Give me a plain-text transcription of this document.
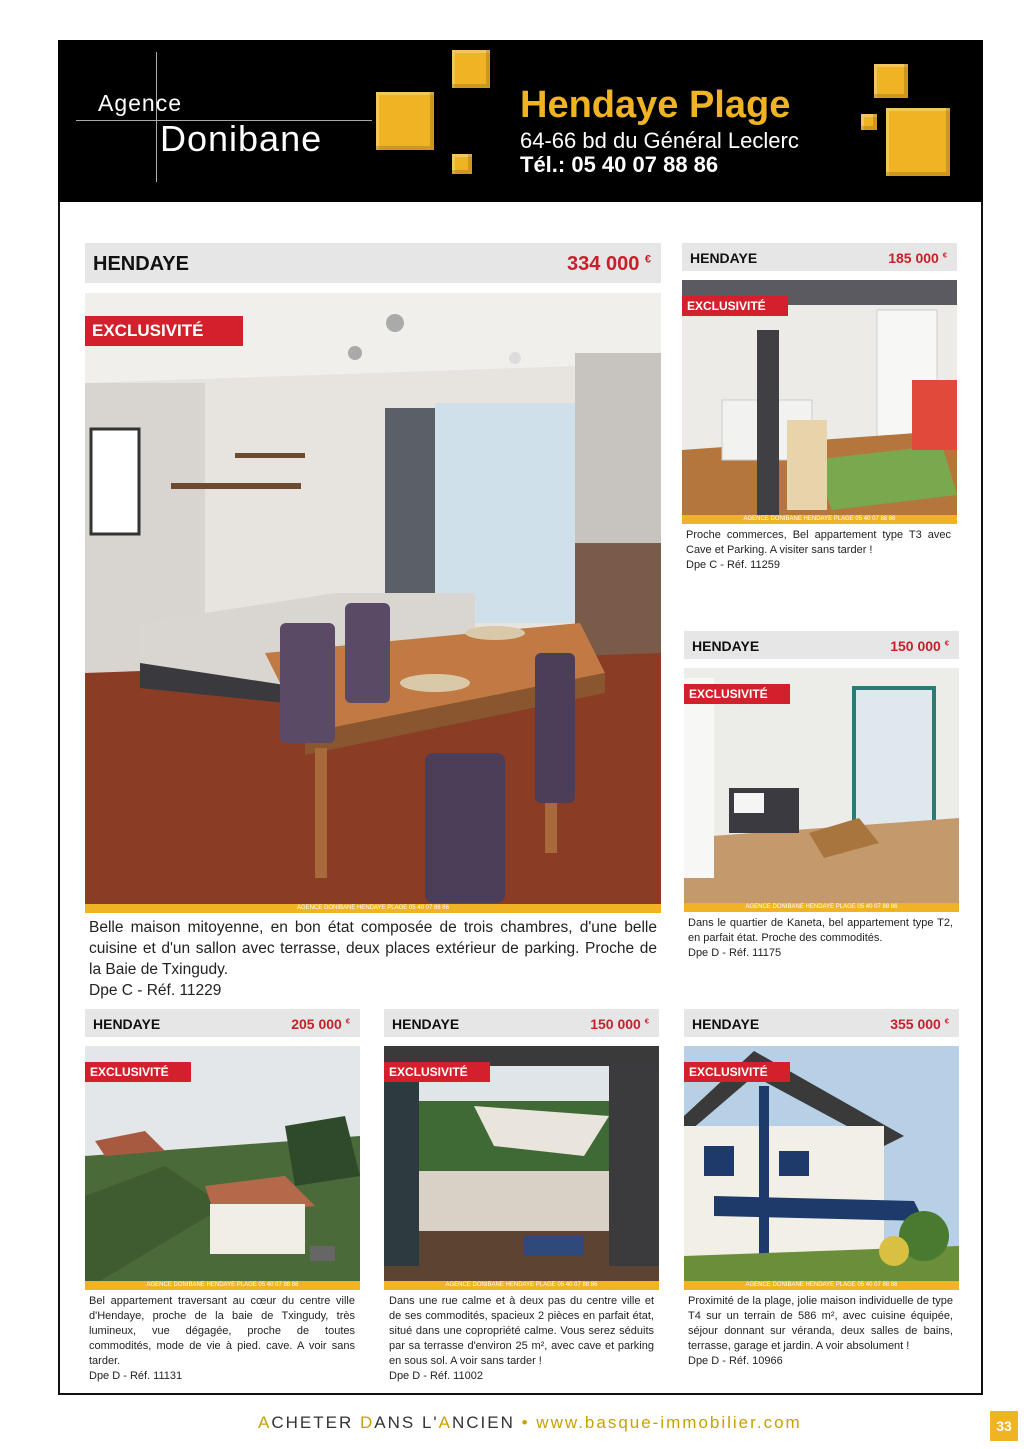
Agence
Donibane
Hendaye Plage
64-66 bd du Général Leclerc
Tél.: 05 40 07 88 86
HENDAYE	334 000 €
EXCLUSIVITÉ
AGENCE DONIBANE HENDAYE PLAGE 05 40 07 88 86
Belle maison mitoyenne, en bon état composée de trois chambres, d'une belle cuisine et d'un sallon avec terrasse, deux places extérieur de parking. Proche de la Baie de Txingudy.
Dpe C - Réf. 11229
HENDAYE	185 000 €
EXCLUSIVITÉ
AGENCE DONIBANE HENDAYE PLAGE 05 40 07 88 86
Proche commerces, Bel appartement type T3 avec Cave et Parking. A visiter sans tarder !
Dpe C - Réf. 11259
HENDAYE	150 000 €
EXCLUSIVITÉ
AGENCE DONIBANE HENDAYE PLAGE 05 40 07 88 86
Dans le quartier de Kaneta, bel appartement type T2, en parfait état. Proche des commodités.
Dpe D - Réf. 11175
HENDAYE	205 000 €
EXCLUSIVITÉ
AGENCE DONIBANE HENDAYE PLAGE 05 40 07 88 86
Bel appartement traversant au cœur du centre ville d'Hendaye, proche de la baie de Txingudy, très lumineux, vue dégagée, proche de toutes commodités, mode de vie à pied. cave. A voir sans tarder.
Dpe D - Réf. 11131
HENDAYE	150 000 €
EXCLUSIVITÉ
AGENCE DONIBANE HENDAYE PLAGE 05 40 07 88 86
Dans une rue calme et à deux pas du centre ville et de ses commodités, spacieux 2 pièces en parfait état, situé dans une copropriété calme. Vous serez séduits par sa terrasse d'environ 25 m², avec cave et parking en sous sol. A voir sans tarder !
Dpe D - Réf. 11002
HENDAYE	355 000 €
EXCLUSIVITÉ
AGENCE DONIBANE HENDAYE PLAGE 05 40 07 88 86
Proximité de la plage, jolie maison individuelle de type T4 sur un terrain de 586 m², avec cuisine équipée, séjour donnant sur véranda, deux salles de bains, terrasse, garage et jardin. A voir absolument !
Dpe D - Réf. 10966
ACHETER DANS L'ANCIEN • www.basque-immobilier.com	33
